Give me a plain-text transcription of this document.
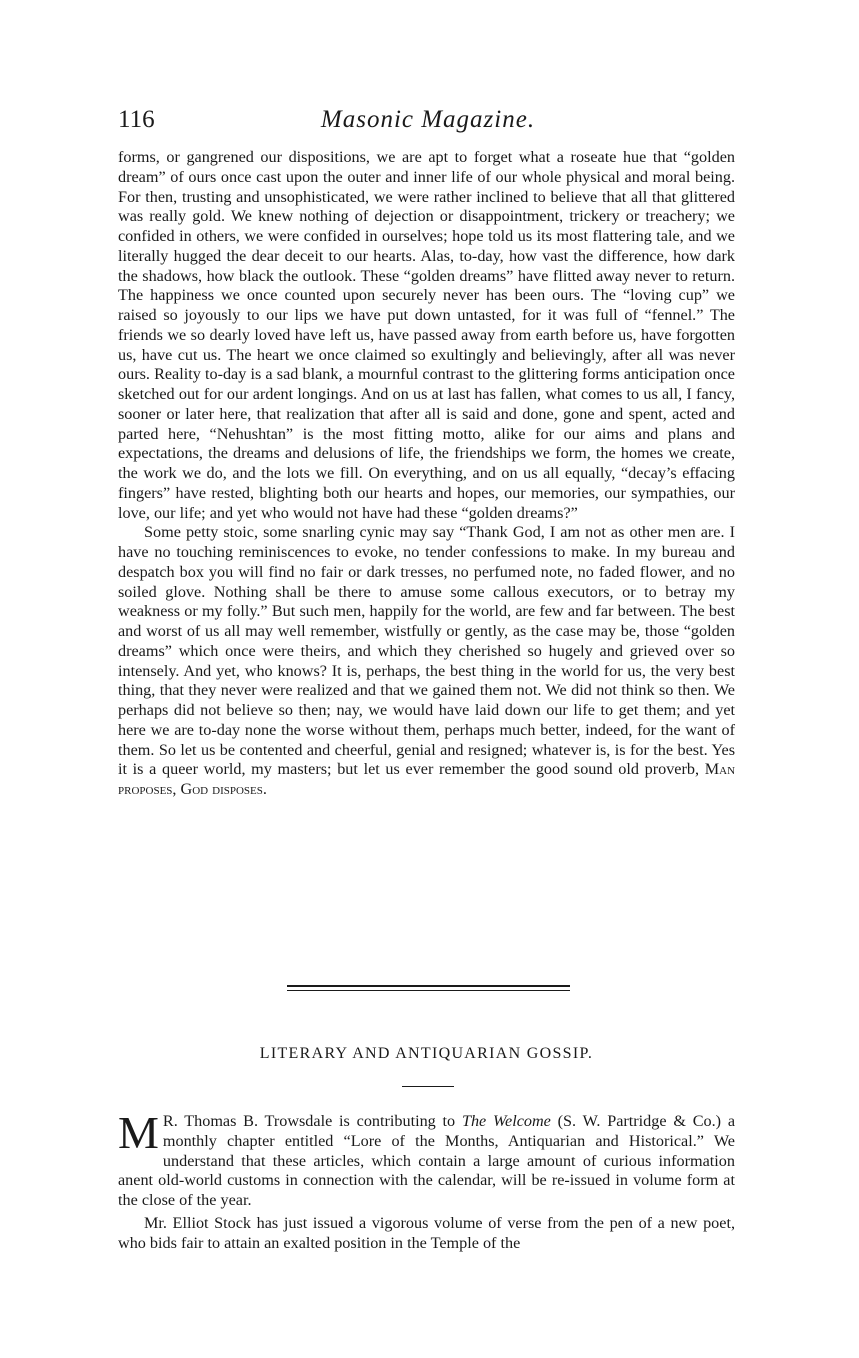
116	Masonic Magazine.

forms, or gangrened our dispositions, we are apt to forget what a roseate hue that “golden dream” of ours once cast upon the outer and inner life of our whole physical and moral being. For then, trusting and unsophisticated, we were rather inclined to believe that all that glittered was really gold. We knew nothing of dejection or disappointment, trickery or treachery; we confided in others, we were confided in ourselves; hope told us its most flattering tale, and we literally hugged the dear deceit to our hearts. Alas, to-day, how vast the difference, how dark the shadows, how black the outlook. These “golden dreams” have flitted away never to return. The happiness we once counted upon securely never has been ours. The “loving cup” we raised so joyously to our lips we have put down untasted, for it was full of “fennel.” The friends we so dearly loved have left us, have passed away from earth before us, have forgotten us, have cut us. The heart we once claimed so exultingly and believingly, after all was never ours. Reality to-day is a sad blank, a mournful contrast to the glittering forms anticipation once sketched out for our ardent longings. And on us at last has fallen, what comes to us all, I fancy, sooner or later here, that realization that after all is said and done, gone and spent, acted and parted here, “Nehushtan” is the most fitting motto, alike for our aims and plans and expectations, the dreams and delusions of life, the friendships we form, the homes we create, the work we do, and the lots we fill. On everything, and on us all equally, “decay’s effacing fingers” have rested, blighting both our hearts and hopes, our memories, our sympathies, our love, our life; and yet who would not have had these “golden dreams?”

Some petty stoic, some snarling cynic may say “Thank God, I am not as other men are. I have no touching reminiscences to evoke, no tender confessions to make. In my bureau and despatch box you will find no fair or dark tresses, no perfumed note, no faded flower, and no soiled glove. Nothing shall be there to amuse some callous executors, or to betray my weakness or my folly.” But such men, happily for the world, are few and far between. The best and worst of us all may well remember, wistfully or gently, as the case may be, those “golden dreams” which once were theirs, and which they cherished so hugely and grieved over so intensely. And yet, who knows? It is, perhaps, the best thing in the world for us, the very best thing, that they never were realized and that we gained them not. We did not think so then. We perhaps did not believe so then; nay, we would have laid down our life to get them; and yet here we are to-day none the worse without them, perhaps much better, indeed, for the want of them. So let us be contented and cheerful, genial and resigned; whatever is, is for the best. Yes it is a queer world, my masters; but let us ever remember the good sound old proverb, Man proposes, God disposes.

LITERARY AND ANTIQUARIAN GOSSIP.

M R. Thomas B. Trowsdale is contributing to The Welcome (S. W. Partridge & Co.) a monthly chapter entitled “Lore of the Months, Antiquarian and Historical.” We understand that these articles, which contain a large amount of curious information anent old-world customs in connection with the calendar, will be re-issued in volume form at the close of the year.

Mr. Elliot Stock has just issued a vigorous volume of verse from the pen of a new poet, who bids fair to attain an exalted position in the Temple of the
